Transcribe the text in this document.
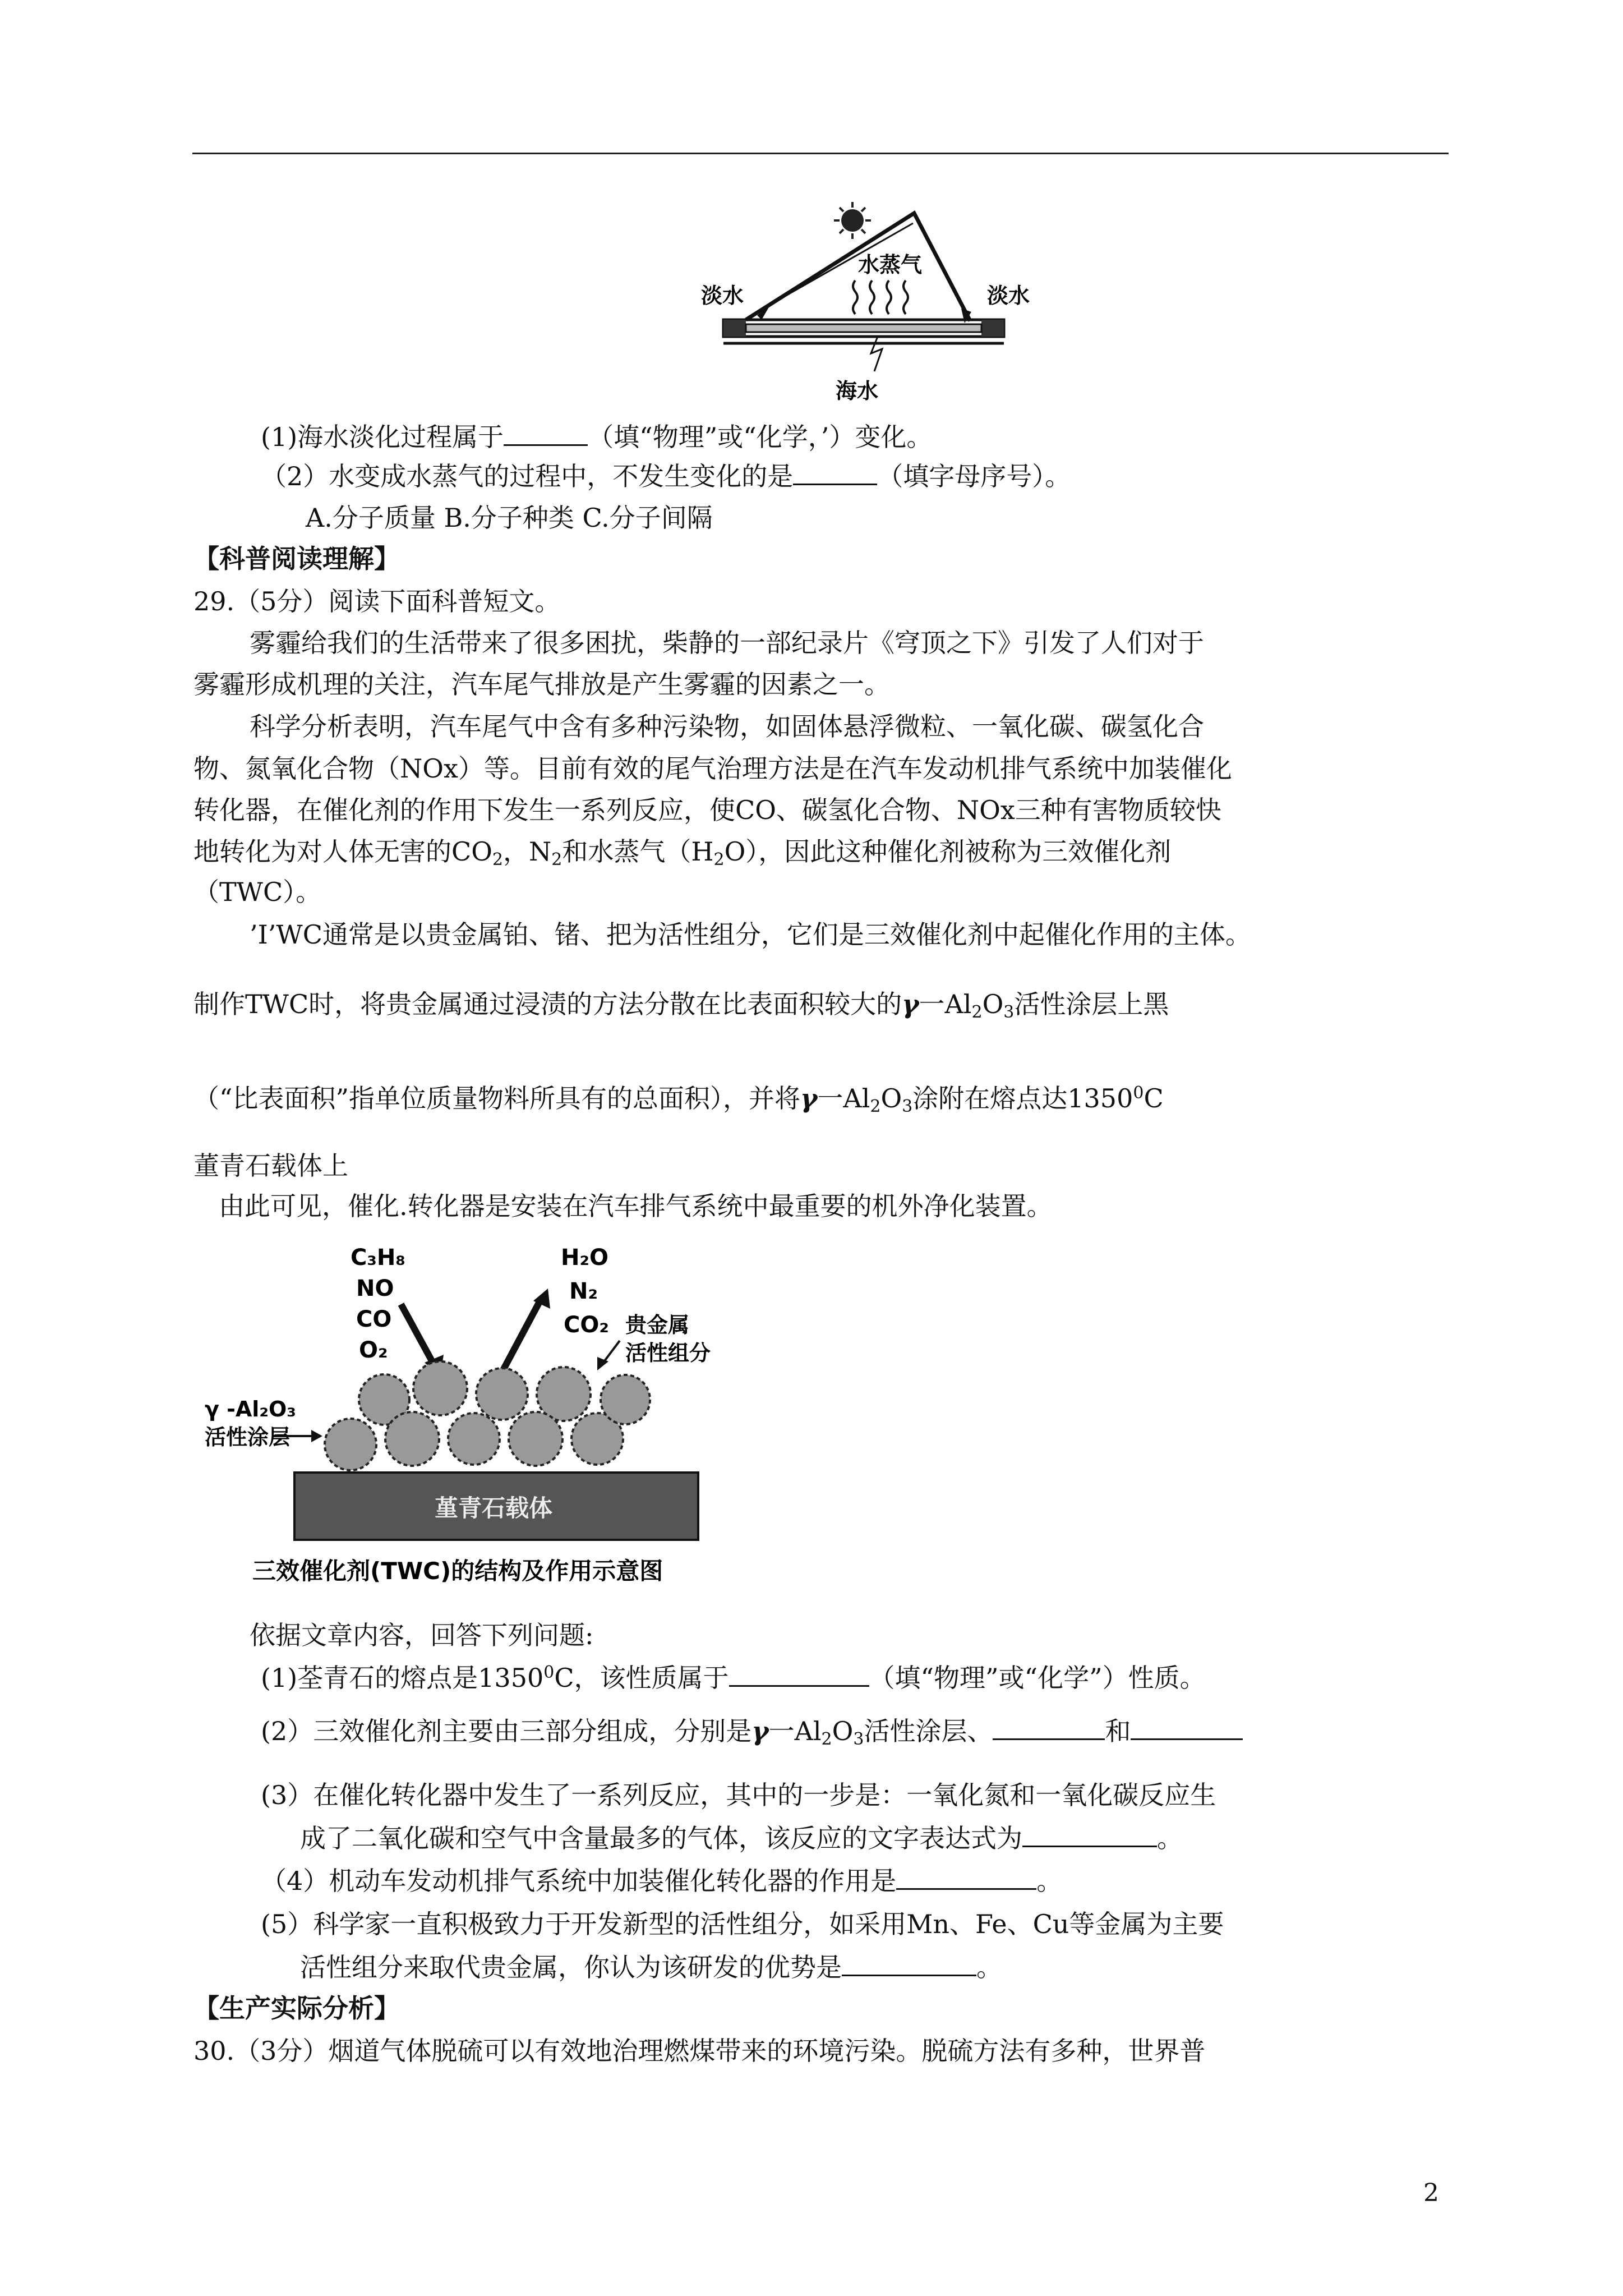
淡水
水蒸气
淡水
海水
(1)海水淡化过程属于	（填“物理”或“化学，’）变化。
（2）水变成水蒸气的过程中，不发生变化的是	（填字母序号）。
A.分子质量 B.分子种类 C.分子间隔
【科普阅读理解】
29.（5分）阅读下面科普短文。
雾霾给我们的生活带来了很多困扰，柴静的一部纪录片《穹顶之下》引发了人们对于
雾霾形成机理的关注，汽车尾气排放是产生雾霾的因素之一。
科学分析表明，汽车尾气中含有多种污染物，如固体悬浮微粒、一氧化碳、碳氢化合
物、氮氧化合物（NOx）等。目前有效的尾气治理方法是在汽车发动机排气系统中加装催化
转化器，在催化剂的作用下发生一系列反应，使CO、碳氢化合物、NOx三种有害物质较快
地转化为对人体无害的$CO_2$，$N_2$和水蒸气$(H_2O)$，因此这种催化剂被称为三效催化剂
（TWC）。
’I’WC通常是以贵金属铂、锗、把为活性组分，它们是三效催化剂中起催化作用的主体。
制作TWC时，将贵金属通过浸渍的方法分散在比表面积较大的γ一$Al_2O_3$活性涂层上黑
（“比表面积”指单位质量物料所具有的总面积），并将γ一$Al_2O_3$涂附在熔点达1350$^0$C
董青石载体上
由此可见，催化.转化器是安装在汽车排气系统中最重要的机外净化装置。
C₃H₈
NO
CO
O₂
H₂O
N₂
CO₂
堇青石载体
γ -Al₂O₃
活性涂层
贵金属
活性组分
三效催化剂(TWC)的结构及作用示意图
依据文章内容，回答下列问题:
(1)荃青石的熔点是1350$^0$C，该性质属于	（填“物理”或“化学”）性质。
(2）三效催化剂主要由三部分组成，分别是γ一$Al_2O_3$活性涂层、	和
(3）在催化转化器中发生了一系列反应，其中的一步是：一氧化氮和一氧化碳反应生
成了二氧化碳和空气中含量最多的气体，该反应的文字表达式为	。
（4）机动车发动机排气系统中加装催化转化器的作用是	。
(5）科学家一直积极致力于开发新型的活性组分，如采用Mn、Fe、Cu等金属为主要
活性组分来取代贵金属，你认为该研发的优势是	。
【生产实际分析】
30.（3分）烟道气体脱硫可以有效地治理燃煤带来的环境污染。脱硫方法有多种，世界普
2
